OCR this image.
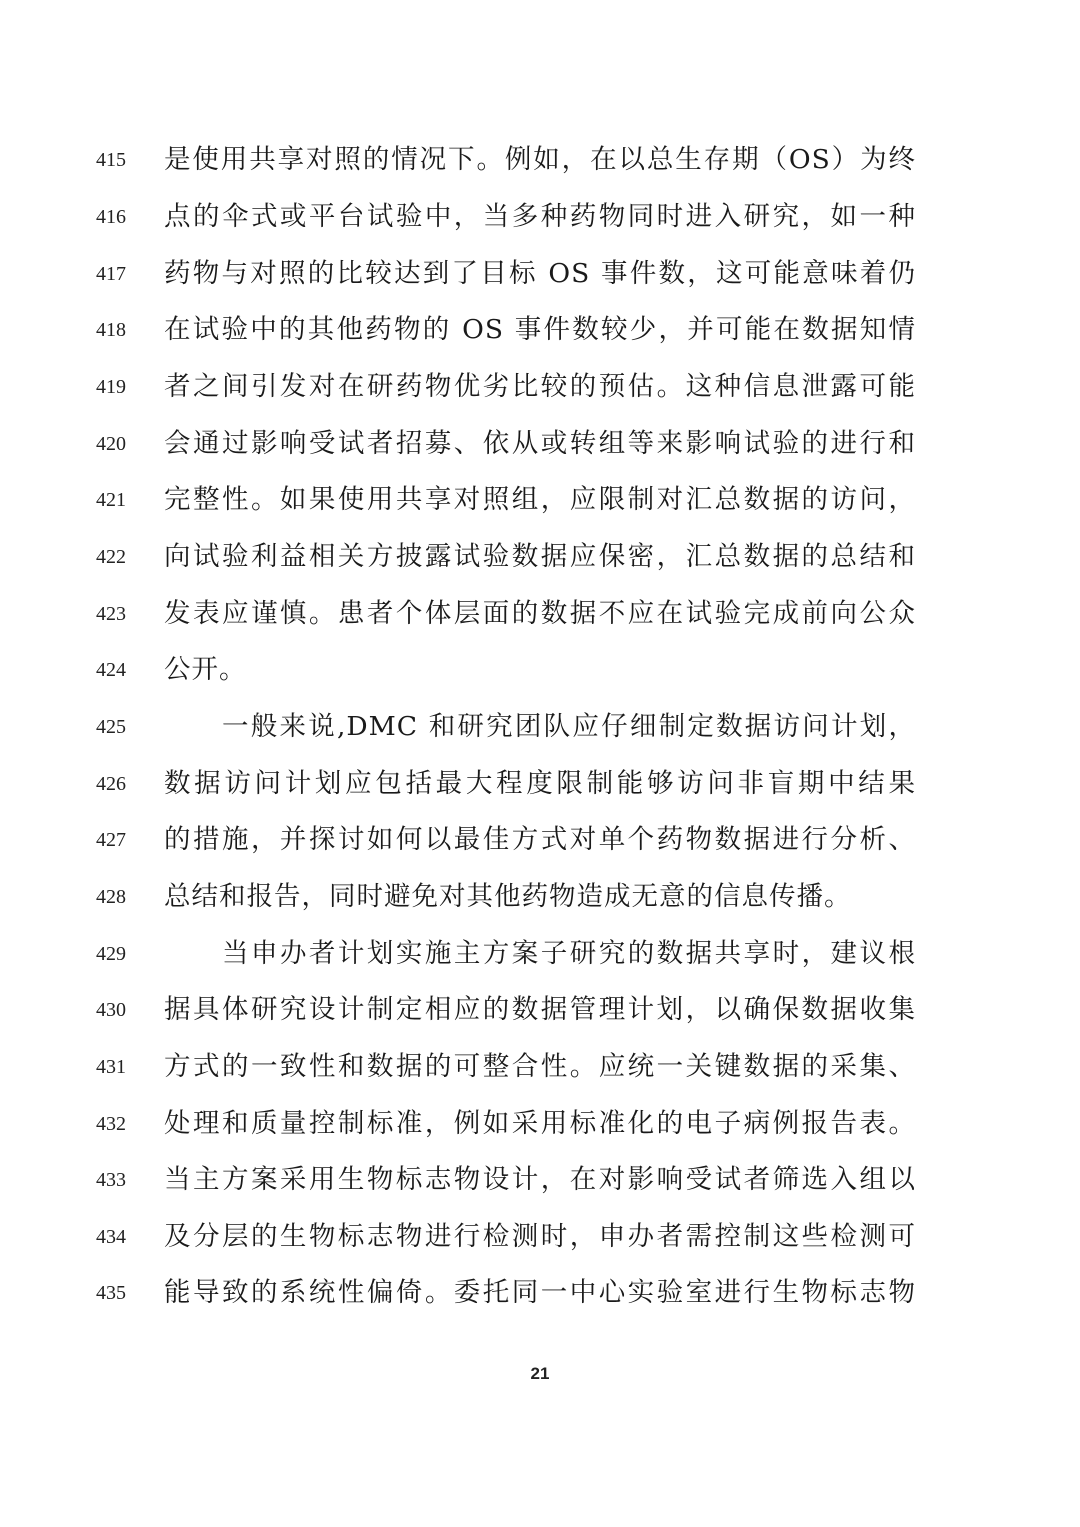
415	是使用共享对照的情况下。例如，在以总生存期（OS）为终
416	点的伞式或平台试验中，当多种药物同时进入研究，如一种
417	药物与对照的比较达到了目标 OS 事件数，这可能意味着仍
418	在试验中的其他药物的 OS 事件数较少，并可能在数据知情
419	者之间引发对在研药物优劣比较的预估。这种信息泄露可能
420	会通过影响受试者招募、依从或转组等来影响试验的进行和
421	完整性。如果使用共享对照组，应限制对汇总数据的访问，
422	向试验利益相关方披露试验数据应保密，汇总数据的总结和
423	发表应谨慎。患者个体层面的数据不应在试验完成前向公众
424	公开。
425	一般来说,DMC 和研究团队应仔细制定数据访问计划，
426	数据访问计划应包括最大程度限制能够访问非盲期中结果
427	的措施，并探讨如何以最佳方式对单个药物数据进行分析、
428	总结和报告，同时避免对其他药物造成无意的信息传播。
429	当申办者计划实施主方案子研究的数据共享时，建议根
430	据具体研究设计制定相应的数据管理计划，以确保数据收集
431	方式的一致性和数据的可整合性。应统一关键数据的采集、
432	处理和质量控制标准，例如采用标准化的电子病例报告表。
433	当主方案采用生物标志物设计，在对影响受试者筛选入组以
434	及分层的生物标志物进行检测时，申办者需控制这些检测可
435	能导致的系统性偏倚。委托同一中心实验室进行生物标志物
21
